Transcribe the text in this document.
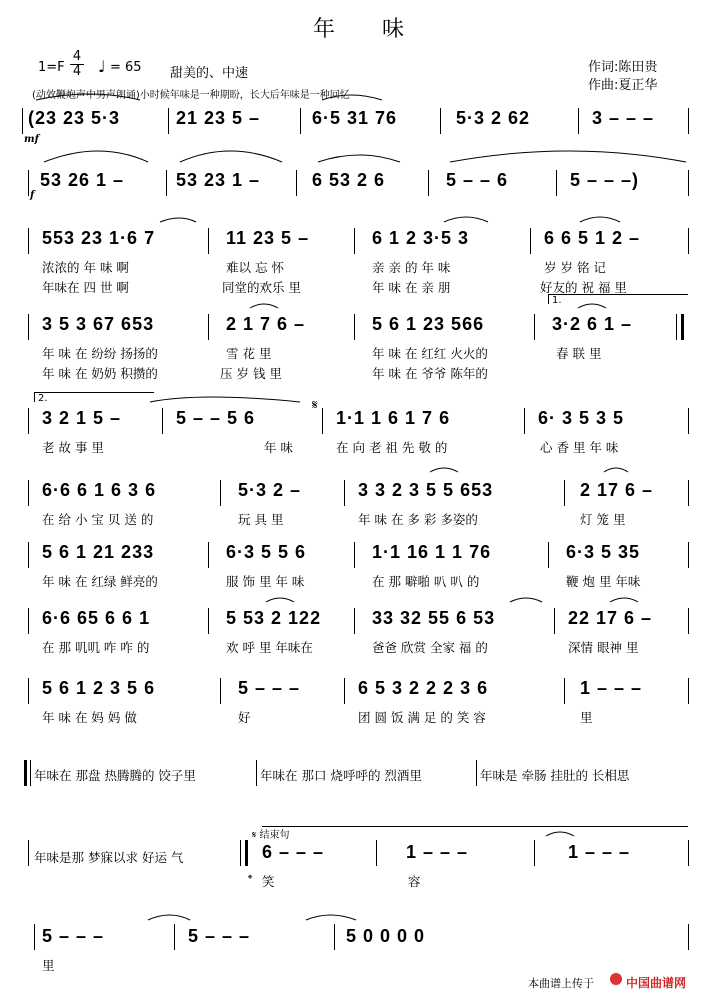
年　　味
1=F
4
4 ♩ = 65 甜美的、中速	作词:陈田贵
作曲:夏正华
(动效鞭炮声中男声朗诵)小时候年味是一种期盼，长大后年味是一种回忆
(23 23 5·3	21 23 5 –	6·5 31 76	5·3 2 62	3 – – –
mf
53 26 1 –	53 23 1 –	6 53 2 6	5 – – 6	5 – – –)
f
553 23 1·6 7	11 23 5 –	6 1 2 3·5 3	6 6 5 1 2 –
浓浓的 年 味 啊	难以 忘 怀	亲 亲 的 年 味	岁 岁 铭 记
年味在 四 世 啊	同堂的欢乐 里	年 味 在 亲 朋	好友的 祝 福 里
1.
3 5 3 67 653	2 1 7 6 –	5 6 1 23 566	3·2 6 1 –
年 味 在 纷纷 扬扬的	雪 花 里	年 味 在 红红 火火的	春 联 里
年 味 在 奶奶 积攒的	压 岁 钱 里	年 味 在 爷爷 陈年的
2.
3 2 1 5 –	5 – – 5 6
𝄋
1·1 1 6 1 7 6	6· 3 5 3 5
老 故 事 里	年 味	在 向 老 祖 先 敬 的	心 香 里 年 味
6·6 6 1 6 3 6	5·3 2 –	3 3 2 3 5 5 653	2 17 6 –
在 给 小 宝 贝 送 的	玩 具 里	年 味 在 多 彩 多姿的	灯 笼 里
5 6 1 21 233	6·3 5 5 6	1·1 16 1 1 76	6·3 5 35
年 味 在 红绿 鲜亮的	服 饰 里 年 味	在 那 噼啪 叭 叭 的	鞭 炮 里 年味
6·6 65 6 6 1	5 53 2 122	33 32 55 6 53	22 17 6 –
在 那 叽叽 咋 咋 的	欢 呼 里 年味在	爸爸 欣赏 全家 福 的	深情 眼神 里
5 6 1 2 3 5 6	5 – – –	6 5 3 2 2 2 3 6	1 – – –
年 味 在 妈 妈 做	好	团 圆 饭 满 足 的 笑 容	里
年味在 那盘 热腾腾的 饺子里	年味在 那口 烧呼呼的 烈酒里	年味是 牵肠 挂肚的 长相思
年味是那 梦寐以求 好运 气
𝄋 结束句
6 – – –	1 – – –	1 – – –
𝄌 笑	容
5 – – –	5 – – –	5 0 0 0 0
里
本曲谱上传于	中国曲谱网
